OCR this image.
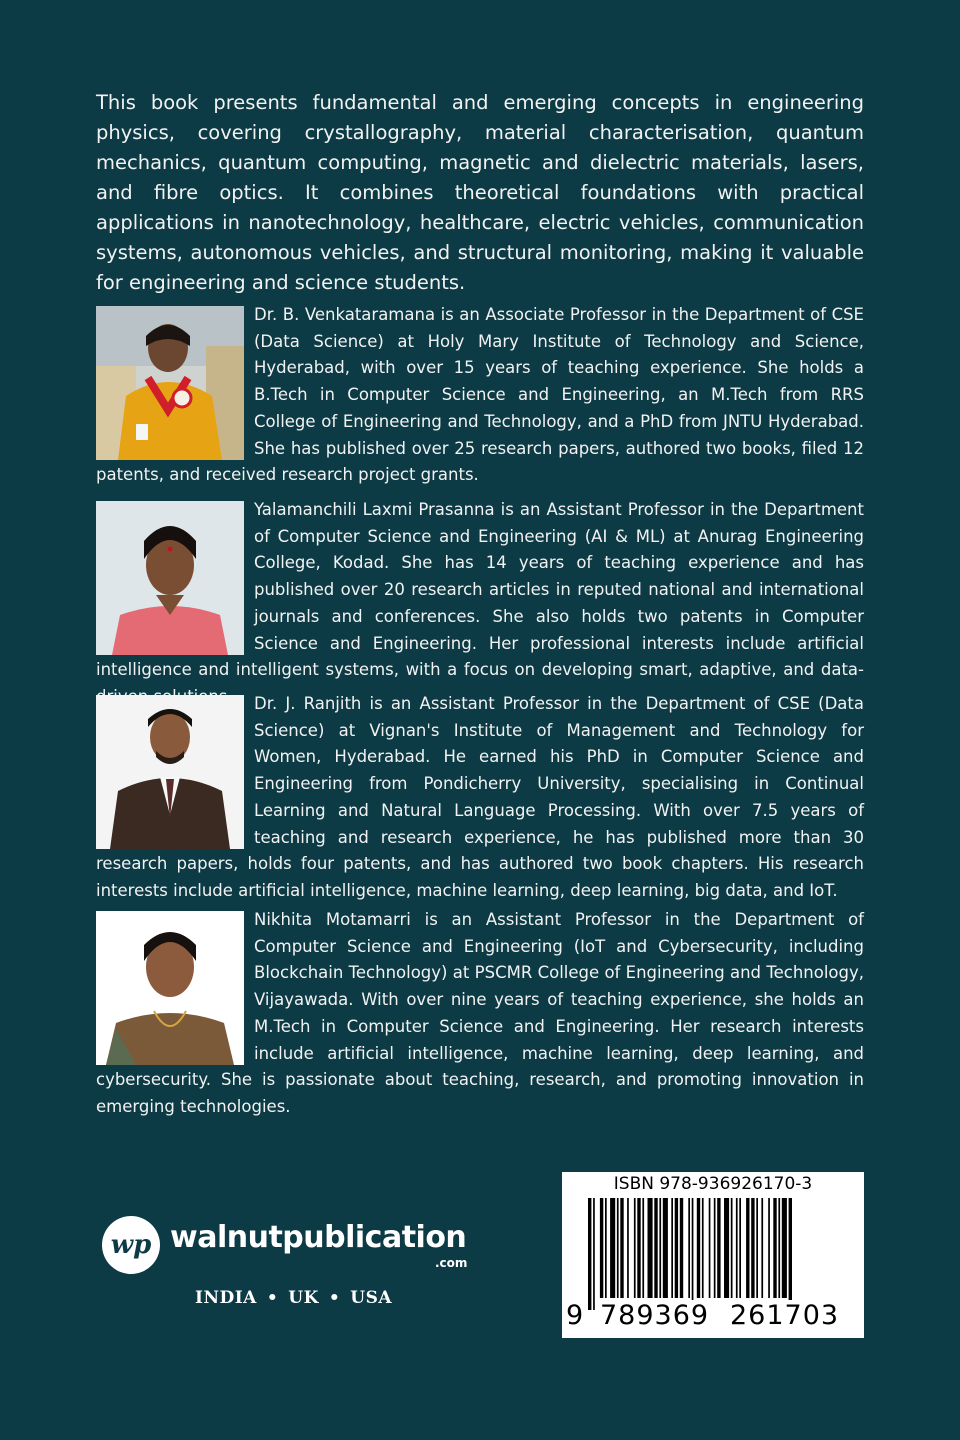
This book presents fundamental and emerging concepts in engineering physics, covering crystallography, material characterisation, quantum mechanics, quantum computing, magnetic and dielectric materials, lasers, and fibre optics. It combines theoretical foundations with practical applications in nanotechnology, healthcare, electric vehicles, communication systems, autonomous vehicles, and structural monitoring, making it valuable for engineering and science students.

Dr. B. Venkataramana is an Associate Professor in the Department of CSE (Data Science) at Holy Mary Institute of Technology and Science, Hyderabad, with over 15 years of teaching experience. She holds a B.Tech in Computer Science and Engineering, an M.Tech from RRS College of Engineering and Technology, and a PhD from JNTU Hyderabad. She has published over 25 research papers, authored two books, filed 12 patents, and received research project grants.

Yalamanchili Laxmi Prasanna is an Assistant Professor in the Department of Computer Science and Engineering (AI & ML) at Anurag Engineering College, Kodad. She has 14 years of teaching experience and has published over 20 research articles in reputed national and international journals and conferences. She also holds two patents in Computer Science and Engineering. Her professional interests include artificial intelligence and intelligent systems, with a focus on developing smart, adaptive, and data-

Dr. J. Ranjith is an Assistant Professor in the Department of CSE (Data Science) at Vignan's Institute of Management and Technology for Women, Hyderabad. He earned his PhD in Computer Science and Engineering from Pondicherry University, specialising in Continual Learning and Natural Language Processing. With over 7.5 years of teaching and research experience, he has published more than 30 research papers, holds four patents, and has authored two book chapters. His research interests include artificial intelligence, machine learning, deep learning, big data, and IoT.

Nikhita Motamarri is an Assistant Professor in the Department of Computer Science and Engineering (IoT and Cybersecurity, including Blockchain Technology) at PSCMR College of Engineering and Technology, Vijayawada. With over nine years of teaching experience, she holds an M.Tech in Computer Science and Engineering. Her research interests include artificial intelligence, machine learning, deep learning, and cybersecurity. She is passionate about teaching, research, and promoting innovation in emerging technologies.

wp walnutpublication
.com
INDIA • UK • USA
ISBN 978-936926170-3
9 789369 261703
